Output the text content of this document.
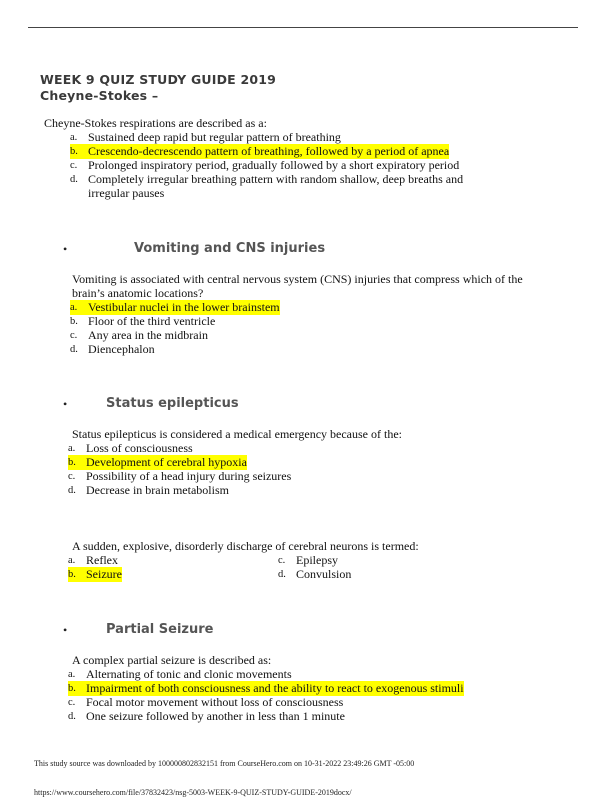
WEEK 9 QUIZ STUDY GUIDE 2019
Cheyne-Stokes –
Cheyne-Stokes respirations are described as a:
a. Sustained deep rapid but regular pattern of breathing
b. Crescendo-decrescendo pattern of breathing, followed by a period of apnea
c. Prolonged inspiratory period, gradually followed by a short expiratory period
d. Completely irregular breathing pattern with random shallow, deep breaths and irregular pauses
•	Vomiting and CNS injuries
Vomiting is associated with central nervous system (CNS) injuries that compress which of the brain’s anatomic locations?
a. Vestibular nuclei in the lower brainstem
b. Floor of the third ventricle
c. Any area in the midbrain
d. Diencephalon
•	Status epilepticus
Status epilepticus is considered a medical emergency because of the:
a. Loss of consciousness
b. Development of cerebral hypoxia
c. Possibility of a head injury during seizures
d. Decrease in brain metabolism
A sudden, explosive, disorderly discharge of cerebral neurons is termed:
a. Reflex
b. Seizure
c. Epilepsy
d. Convulsion
•	Partial Seizure
A complex partial seizure is described as:
a. Alternating of tonic and clonic movements
b. Impairment of both consciousness and the ability to react to exogenous stimuli
c. Focal motor movement without loss of consciousness
d. One seizure followed by another in less than 1 minute
This study source was downloaded by 100000802832151 from CourseHero.com on 10-31-2022 23:49:26 GMT -05:00
https://www.coursehero.com/file/37832423/nsg-5003-WEEK-9-QUIZ-STUDY-GUIDE-2019docx/
